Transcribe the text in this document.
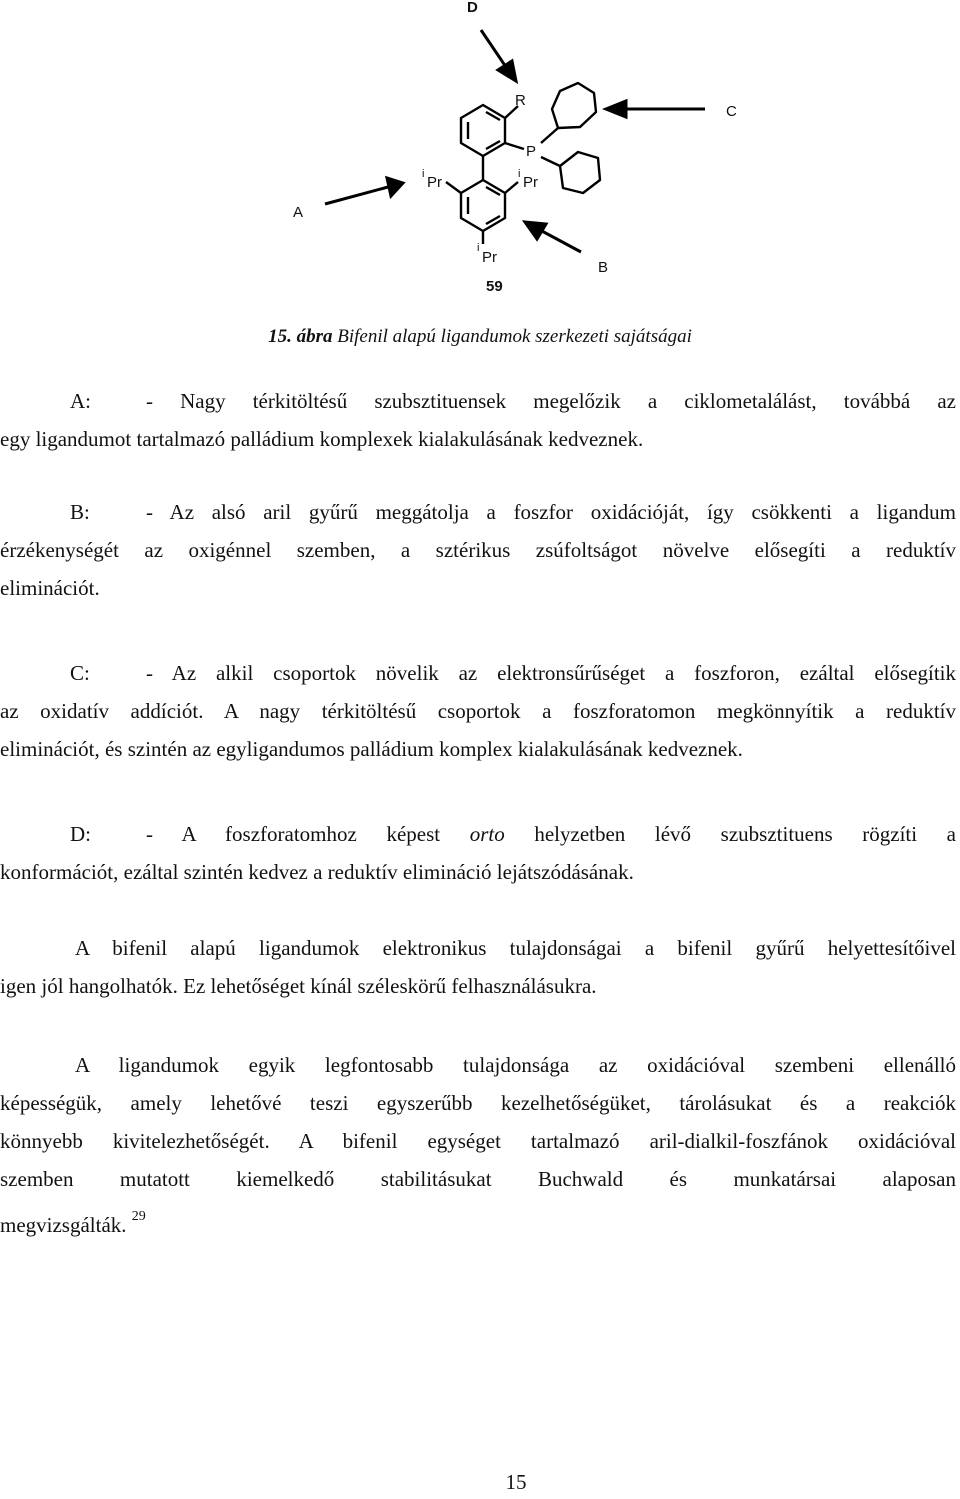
D
R
C
P
i Pr	i Pr
A
i
Pr
B
59
15. ábra Bifenil alapú ligandumok szerkezeti sajátságai

A:	- Nagy térkitöltésű szubsztituensek megelőzik a ciklometalálást, továbbá az
egy ligandumot tartalmazó palládium komplexek kialakulásának kedveznek.

B:	- Az alsó aril gyűrű meggátolja a foszfor oxidációját, így csökkenti a ligandum
érzékenységét az oxigénnel szemben, a sztérikus zsúfoltságot növelve elősegíti a reduktív
eliminációt.

C:	- Az alkil csoportok növelik az elektronsűrűséget a foszforon, ezáltal elősegítik
az oxidatív addíciót. A nagy térkitöltésű csoportok a foszforatomon megkönnyítik a reduktív
eliminációt, és szintén az egyligandumos palládium komplex kialakulásának kedveznek.

D:	- A foszforatomhoz képest orto helyzetben lévő szubsztituens rögzíti a
konformációt, ezáltal szintén kedvez a reduktív elimináció lejátszódásának.

A bifenil alapú ligandumok elektronikus tulajdonságai a bifenil gyűrű helyettesítőivel
igen jól hangolhatók. Ez lehetőséget kínál széleskörű felhasználásukra.

A ligandumok egyik legfontosabb tulajdonsága az oxidációval szembeni ellenálló
képességük, amely lehetővé teszi egyszerűbb kezelhetőségüket, tárolásukat és a reakciók
könnyebb kivitelezhetőségét. A bifenil egységet tartalmazó aril-dialkil-foszfánok oxidációval
szemben mutatott kiemelkedő stabilitásukat Buchwald és munkatársai alaposan
megvizsgálták. $^{29}$

15
